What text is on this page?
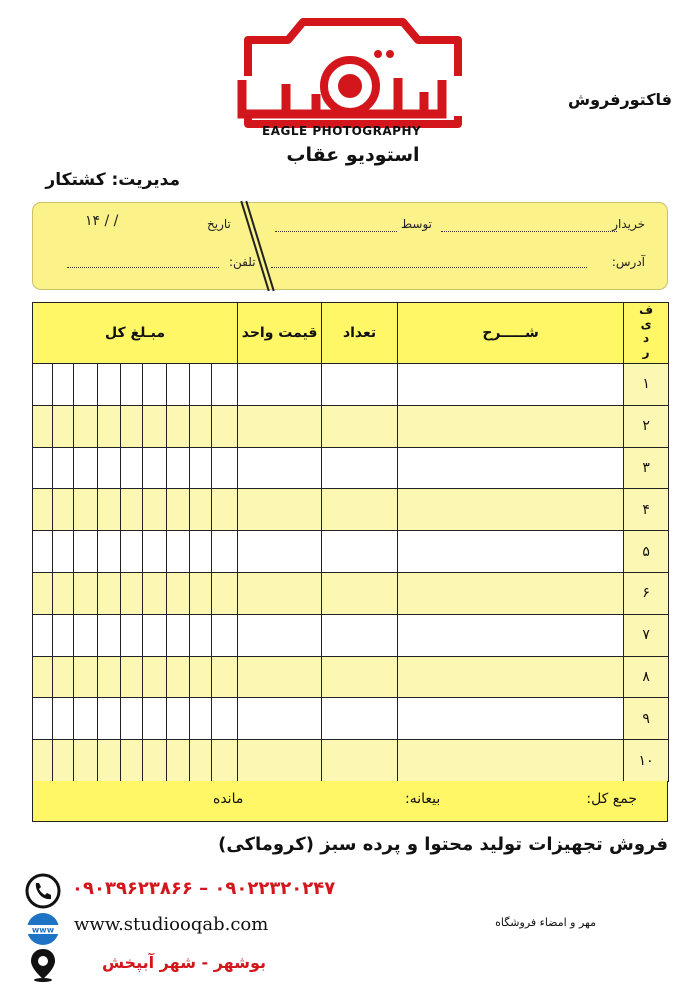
EAGLE PHOTOGRAPHY
استودیو عقاب
فاکتورفروش
مدیریت: کشتکار
خریدار
توسط
تاریخ
۱۴ / /
آدرس:
تلفن:
مبـلغ کل									قیمت واحد	تعداد	شـــــرح	ردیف
												۱
												۲
												۳
												۴
												۵
												۶
												۷
												۸
												۹
												۱۰
جمع کل:
بیعانه:
مانده
فروش تجهیزات تولید محتوا و پرده سبز (کروماکی)
۰۹۰۳۹۶۲۳۸۶۶ – ۰۹۰۲۲۳۲۰۲۴۷
www www.studiooqab.com
بوشهر - شهر آبپخش
مهر و امضاء فروشگاه
